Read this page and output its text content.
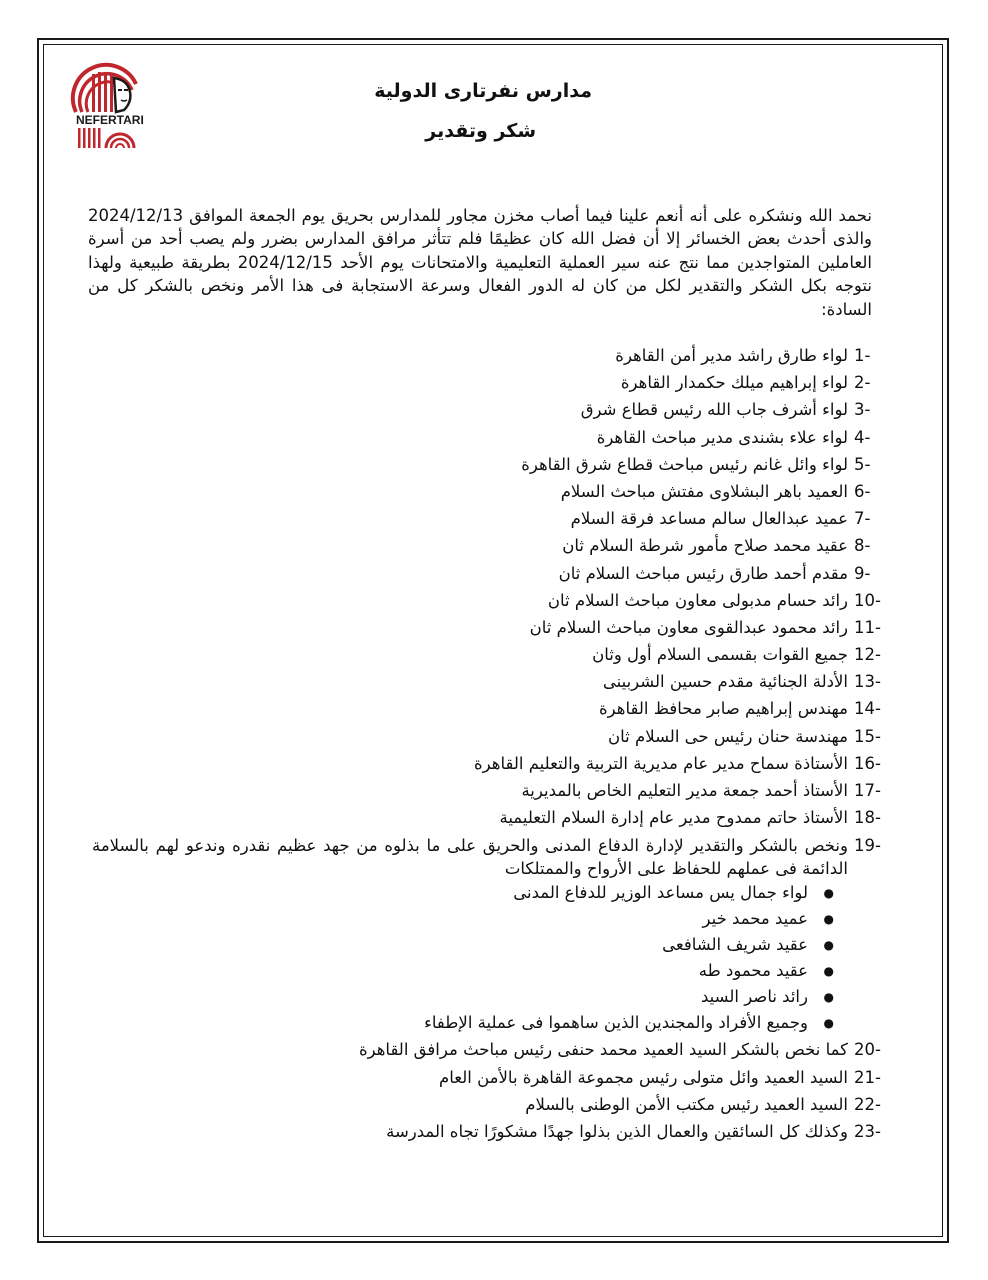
NEFERTARI
مدارس نفرتارى الدولية
شكر وتقدير

نحمد الله ونشكره على أنه أنعم علينا فيما أصاب مخزن مجاور للمدارس بحريق يوم الجمعة الموافق 2024/12/13 والذى أحدث بعض الخسائر إلا أن فضل الله كان عظيمًا فلم تتأثر مرافق المدارس بضرر ولم يصب أحد من أسرة العاملين المتواجدين مما نتج عنه سير العملية التعليمية والامتحانات يوم الأحد 2024/12/15 بطريقة طبيعية ولهذا نتوجه بكل الشكر والتقدير لكل من كان له الدور الفعال وسرعة الاستجابة فى هذا الأمر ونخص بالشكر كل من السادة:

1-
لواء طارق راشد مدير أمن القاهرة
2-
لواء إبراهيم ميلك حكمدار القاهرة
3-
لواء أشرف جاب الله رئيس قطاع شرق
4-
لواء علاء بشندى مدير مباحث القاهرة
5-
لواء وائل غانم رئيس مباحث قطاع شرق القاهرة
6-
العميد باهر البشلاوى مفتش مباحث السلام
7-
عميد عبدالعال سالم مساعد فرقة السلام
8-
عقيد محمد صلاح مأمور شرطة السلام ثان
9-
مقدم أحمد طارق رئيس مباحث السلام ثان
10-
رائد حسام مدبولى معاون مباحث السلام ثان
11-
رائد محمود عبدالقوى معاون مباحث السلام ثان
12-
جميع القوات بقسمى السلام أول وثان
13-
الأدلة الجنائية مقدم حسين الشربينى
14-
مهندس إبراهيم صابر محافظ القاهرة
15-
مهندسة حنان رئيس حى السلام ثان
16-
الأستاذة سماح مدير عام مديرية التربية والتعليم القاهرة
17-
الأستاذ أحمد جمعة مدير التعليم الخاص بالمديرية
18-
الأستاذ حاتم ممدوح مدير عام إدارة السلام التعليمية
19-
ونخص بالشكر والتقدير لإدارة الدفاع المدنى والحريق على ما بذلوه من جهد عظيم نقدره وندعو لهم بالسلامة الدائمة فى عملهم للحفاظ على الأرواح والممتلكات
●
لواء جمال يس مساعد الوزير للدفاع المدنى
●
عميد محمد خير
●
عقيد شريف الشافعى
●
عقيد محمود طه
●
رائد ناصر السيد
●
وجميع الأفراد والمجندين الذين ساهموا فى عملية الإطفاء
20-
كما نخص بالشكر السيد العميد محمد حنفى رئيس مباحث مرافق القاهرة
21-
السيد العميد وائل متولى رئيس مجموعة القاهرة بالأمن العام
22-
السيد العميد رئيس مكتب الأمن الوطنى بالسلام
23-
وكذلك كل السائقين والعمال الذين بذلوا جهدًا مشكورًا تجاه المدرسة
